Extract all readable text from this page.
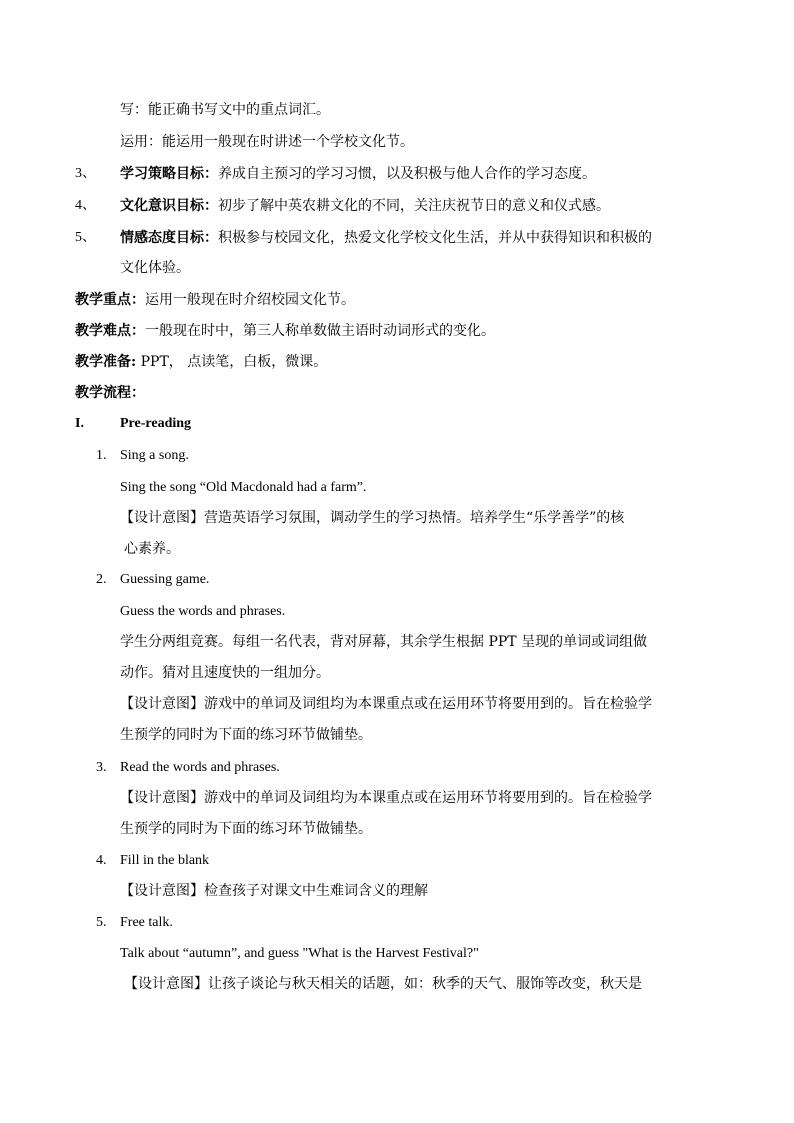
写：能正确书写文中的重点词汇。
运用：能运用一般现在时讲述一个学校文化节。
3、 学习策略目标：养成自主预习的学习习惯，以及积极与他人合作的学习态度。
4、 文化意识目标：初步了解中英农耕文化的不同，关注庆祝节日的意义和仪式感。
5、 情感态度目标：积极参与校园文化，热爱文化学校文化生活，并从中获得知识和积极的
文化体验。
教学重点：运用一般现在时介绍校园文化节。
教学难点：一般现在时中，第三人称单数做主语时动词形式的变化。
教学准备: PPT， 点读笔，白板，微课。
教学流程：
I.	Pre-reading
1. Sing a song.
Sing the song “Old Macdonald had a farm”.
【设计意图】营造英语学习氛围，调动学生的学习热情。培养学生“乐学善学”的核
心素养。
2. Guessing game.
Guess the words and phrases.
学生分两组竞赛。每组一名代表，背对屏幕，其余学生根据 PPT 呈现的单词或词组做
动作。猜对且速度快的一组加分。
【设计意图】游戏中的单词及词组均为本课重点或在运用环节将要用到的。旨在检验学
生预学的同时为下面的练习环节做铺垫。
3. Read the words and phrases.
【设计意图】游戏中的单词及词组均为本课重点或在运用环节将要用到的。旨在检验学
生预学的同时为下面的练习环节做铺垫。
4. Fill in the blank
【设计意图】检查孩子对课文中生难词含义的理解
5. Free talk.
Talk about “autumn”, and guess "What is the Harvest Festival?"
【设计意图】让孩子谈论与秋天相关的话题，如：秋季的天气、服饰等改变，秋天是
